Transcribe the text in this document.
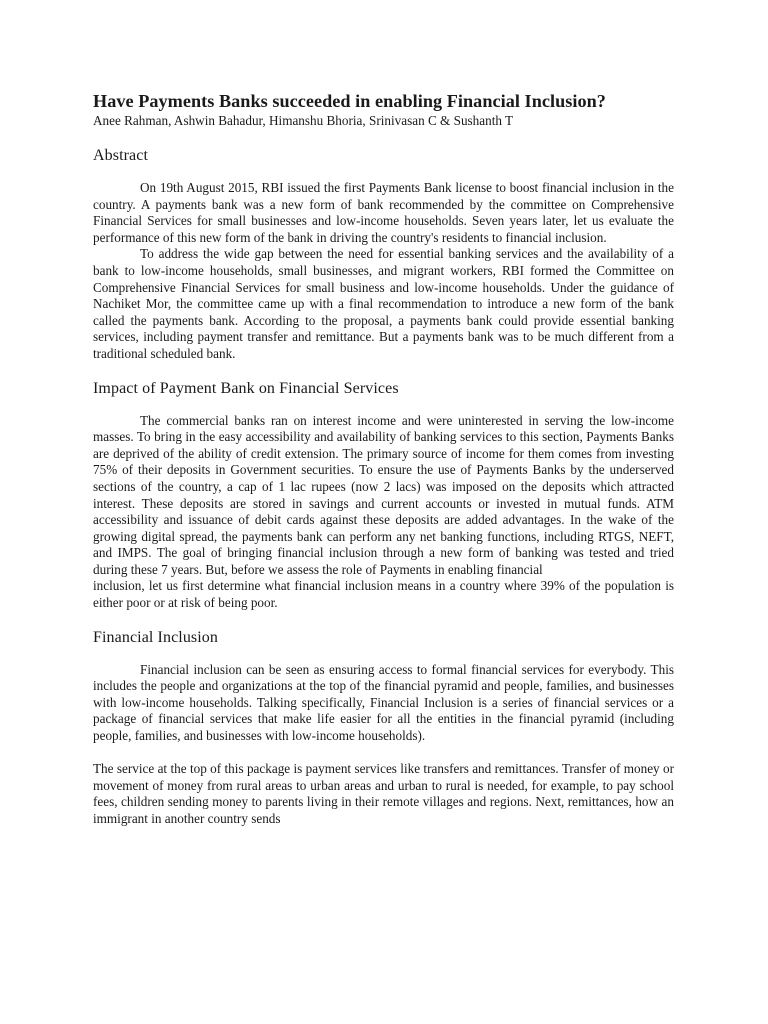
Have Payments Banks succeeded in enabling Financial Inclusion?

Anee Rahman, Ashwin Bahadur, Himanshu Bhoria, Srinivasan C & Sushanth T

Abstract

On 19th August 2015, RBI issued the first Payments Bank license to boost financial inclusion in the country. A payments bank was a new form of bank recommended by the committee on Comprehensive Financial Services for small businesses and low-income households. Seven years later, let us evaluate the performance of this new form of the bank in driving the country's residents to financial inclusion.

To address the wide gap between the need for essential banking services and the availability of a bank to low-income households, small businesses, and migrant workers, RBI formed the Committee on Comprehensive Financial Services for small business and low-income households. Under the guidance of Nachiket Mor, the committee came up with a final recommendation to introduce a new form of the bank called the payments bank. According to the proposal, a payments bank could provide essential banking services, including payment transfer and remittance. But a payments bank was to be much different from a traditional scheduled bank.

Impact of Payment Bank on Financial Services

The commercial banks ran on interest income and were uninterested in serving the low-income masses. To bring in the easy accessibility and availability of banking services to this section, Payments Banks are deprived of the ability of credit extension. The primary source of income for them comes from investing 75% of their deposits in Government securities. To ensure the use of Payments Banks by the underserved sections of the country, a cap of 1 lac rupees (now 2 lacs) was imposed on the deposits which attracted interest. These deposits are stored in savings and current accounts or invested in mutual funds. ATM accessibility and issuance of debit cards against these deposits are added advantages. In the wake of the growing digital spread, the payments bank can perform any net banking functions, including RTGS, NEFT, and IMPS. The goal of bringing financial inclusion through a new form of banking was tested and tried during these 7 years. But, before we assess the role of Payments in enabling financial

inclusion, let us first determine what financial inclusion means in a country where 39% of the population is either poor or at risk of being poor.

Financial Inclusion

Financial inclusion can be seen as ensuring access to formal financial services for everybody. This includes the people and organizations at the top of the financial pyramid and people, families, and businesses with low-income households. Talking specifically, Financial Inclusion is a series of financial services or a package of financial services that make life easier for all the entities in the financial pyramid (including people, families, and businesses with low-income households).

The service at the top of this package is payment services like transfers and remittances. Transfer of money or movement of money from rural areas to urban areas and urban to rural is needed, for example, to pay school fees, children sending money to parents living in their remote villages and regions. Next, remittances, how an immigrant in another country sends
